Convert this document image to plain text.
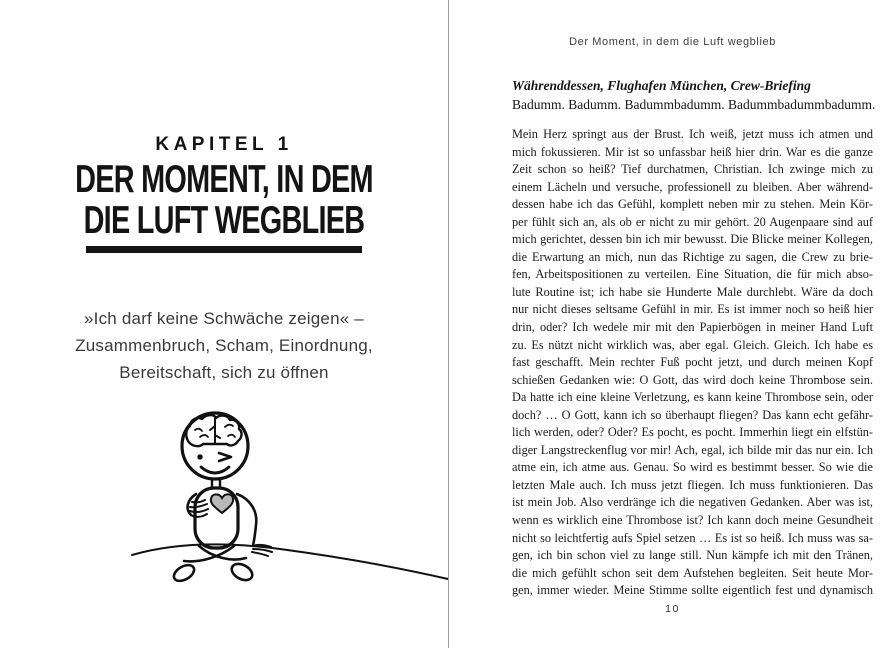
KAPITEL 1
DER MOMENT, IN DEM
DIE LUFT WEGBLIEB
»Ich darf keine Schwäche zeigen« –
Zusammenbruch, Scham, Einordnung,
Bereitschaft, sich zu öffnen
Der Moment, in dem die Luft wegblieb
Währenddessen, Flughafen München, Crew-Briefing
Badumm. Badumm. Badummbadumm. Badummbadummbadumm.
Mein Herz springt aus der Brust. Ich weiß, jetzt muss ich atmen und
mich fokussieren. Mir ist so unfassbar heiß hier drin. War es die ganze
Zeit schon so heiß? Tief durchatmen, Christian. Ich zwinge mich zu
einem Lächeln und versuche, professionell zu bleiben. Aber während-
dessen habe ich das Gefühl, komplett neben mir zu stehen. Mein Kör-
per fühlt sich an, als ob er nicht zu mir gehört. 20 Augenpaare sind auf
mich gerichtet, dessen bin ich mir bewusst. Die Blicke meiner Kollegen,
die Erwartung an mich, nun das Richtige zu sagen, die Crew zu brie-
fen, Arbeitspositionen zu verteilen. Eine Situation, die für mich abso-
lute Routine ist; ich habe sie Hunderte Male durchlebt. Wäre da doch
nur nicht dieses seltsame Gefühl in mir. Es ist immer noch so heiß hier
drin, oder? Ich wedele mir mit den Papierbögen in meiner Hand Luft
zu. Es nützt nicht wirklich was, aber egal. Gleich. Gleich. Ich habe es
fast geschafft. Mein rechter Fuß pocht jetzt, und durch meinen Kopf
schießen Gedanken wie: O Gott, das wird doch keine Thrombose sein.
Da hatte ich eine kleine Verletzung, es kann keine Thrombose sein, oder
doch? … O Gott, kann ich so überhaupt fliegen? Das kann echt gefähr-
lich werden, oder? Oder? Es pocht, es pocht. Immerhin liegt ein elfstün-
diger Langstreckenflug vor mir! Ach, egal, ich bilde mir das nur ein. Ich
atme ein, ich atme aus. Genau. So wird es bestimmt besser. So wie die
letzten Male auch. Ich muss jetzt fliegen. Ich muss funktionieren. Das
ist mein Job. Also verdränge ich die negativen Gedanken. Aber was ist,
wenn es wirklich eine Thrombose ist? Ich kann doch meine Gesundheit
nicht so leichtfertig aufs Spiel setzen … Es ist so heiß. Ich muss was sa-
gen, ich bin schon viel zu lange still. Nun kämpfe ich mit den Tränen,
die mich gefühlt schon seit dem Aufstehen begleiten. Seit heute Mor-
gen, immer wieder. Meine Stimme sollte eigentlich fest und dynamisch
10
